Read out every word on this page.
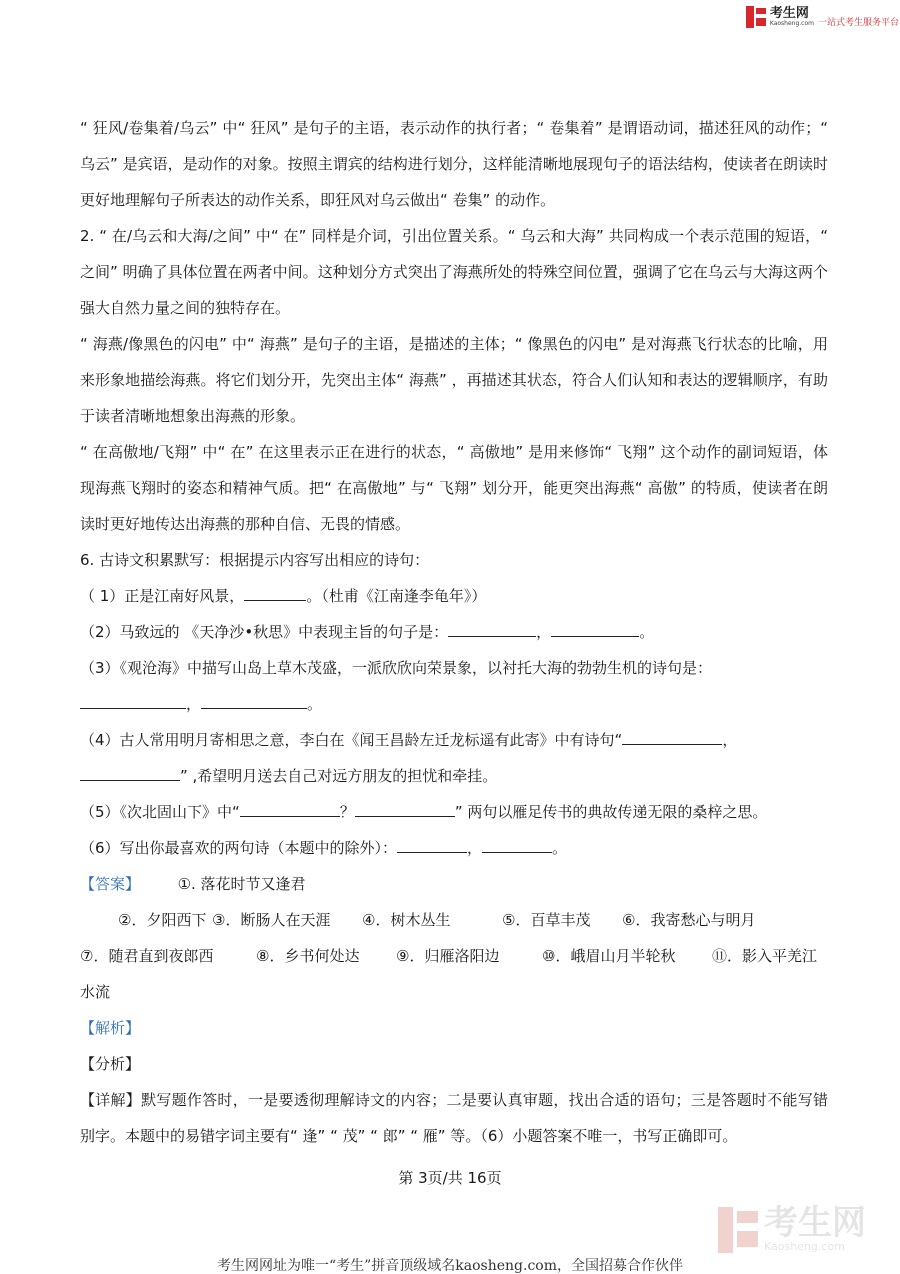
考生网
Kaosheng.com 一站式考生服务平台

“ 狂风/卷集着/乌云” 中“ 狂风” 是句子的主语，表示动作的执行者；“ 卷集着” 是谓语动词，描述狂风的动作；“ 乌云” 是宾语，是动作的对象。按照主谓宾的结构进行划分，这样能清晰地展现句子的语法结构，使读者在朗读时更好地理解句子所表达的动作关系，即狂风对乌云做出“ 卷集” 的动作。

2. “ 在/乌云和大海/之间” 中“ 在” 同样是介词，引出位置关系。“ 乌云和大海” 共同构成一个表示范围的短语，“ 之间” 明确了具体位置在两者中间。这种划分方式突出了海燕所处的特殊空间位置，强调了它在乌云与大海这两个强大自然力量之间的独特存在。

“ 海燕/像黑色的闪电” 中“ 海燕” 是句子的主语，是描述的主体；“ 像黑色的闪电” 是对海燕飞行状态的比喻，用来形象地描绘海燕。将它们划分开，先突出主体“ 海燕” ，再描述其状态，符合人们认知和表达的逻辑顺序，有助于读者清晰地想象出海燕的形象。

“ 在高傲地/飞翔” 中“ 在” 在这里表示正在进行的状态，“ 高傲地” 是用来修饰“ 飞翔” 这个动作的副词短语，体现海燕飞翔时的姿态和精神气质。把“ 在高傲地” 与“ 飞翔” 划分开，能更突出海燕“ 高傲” 的特质，使读者在朗读时更好地传达出海燕的那种自信、无畏的情感。

6. 古诗文积累默写：根据提示内容写出相应的诗句：

（ 1）正是江南好风景，	。（杜甫《江南逢李龟年》）

（2）马致远的 《天净沙•秋思》中表现主旨的句子是：	，	。

（3）《观沧海》中描写山岛上草木茂盛，一派欣欣向荣景象，以衬托大海的勃勃生机的诗句是：

，	。

（4）古人常用明月寄相思之意，李白在《闻王昌龄左迁龙标遥有此寄》中有诗句“	，

” ,希望明月送去自己对远方朋友的担忧和牵挂。

（5）《次北固山下》中“	？	” 两句以雁足传书的典故传递无限的桑梓之思。

（6）写出你最喜欢的两句诗（本题中的除外）：	，	。

【答案】	①. 落花时节又逢君

②．夕阳西下 ③．断肠人在天涯	④．树木丛生	⑤．百草丰茂	⑥．我寄愁心与明月
⑦．随君直到夜郎西	⑧．乡书何处达	⑨．归雁洛阳边	⑩．峨眉山月半轮秋	⑪．影入平羌江

水流

【解析】

【分析】

【详解】默写题作答时，一是要透彻理解诗文的内容；二是要认真审题，找出合适的语句；三是答题时不能写错别字。本题中的易错字词主要有“ 逢” “ 茂” “ 郎” “ 雁” 等。（6）小题答案不唯一，书写正确即可。

第 3页/共 16页
考生网
Kaosheng.com
考生网网址为唯一“考生”拼音顶级域名kaosheng.com，全国招募合作伙伴
